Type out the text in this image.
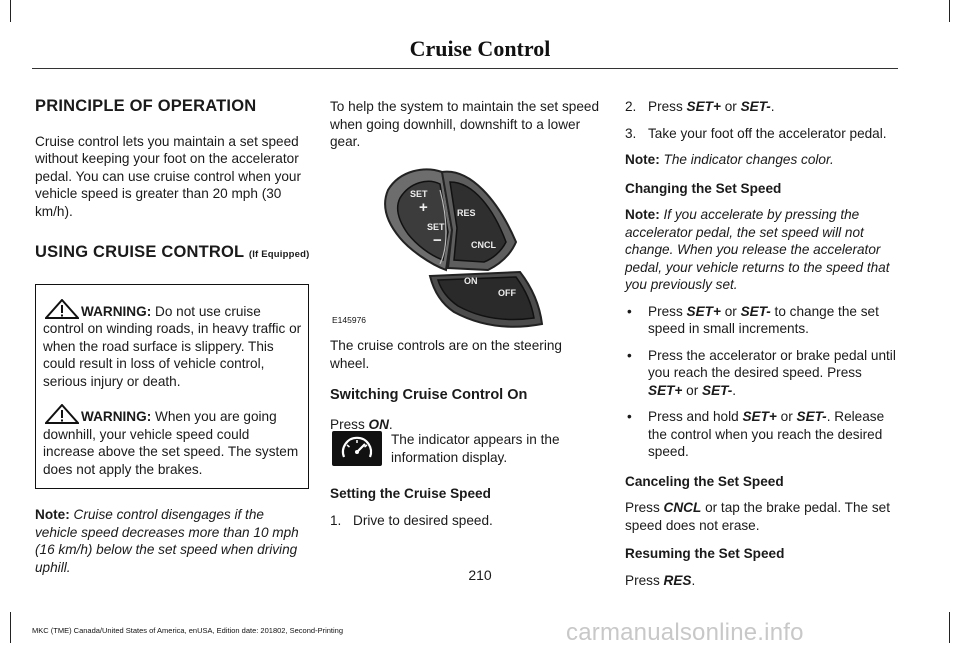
Cruise Control
PRINCIPLE OF OPERATION

Cruise control lets you maintain a set speed without keeping your foot on the accelerator pedal. You can use cruise control when your vehicle speed is greater than 20 mph (30 km/h).

USING CRUISE CONTROL (If Equipped)

WARNING: Do not use cruise control on winding roads, in heavy traffic or when the road surface is slippery. This could result in loss of vehicle control, serious injury or death.

WARNING: When you are going downhill, your vehicle speed could increase above the set speed. The system does not apply the brakes.

Note: Cruise control disengages if the vehicle speed decreases more than 10 mph (16 km/h) below the set speed when driving uphill.

To help the system to maintain the set speed when going downhill, downshift to a lower gear.

SET
+
SET
−
RES
CNCL
ON
OFF
E145976

The cruise controls are on the steering wheel.

Switching Cruise Control On

Press ON.

The indicator appears in the information display.

Setting the Cruise Speed
1. Drive to desired speed.
2. Press SET+ or SET-.
3. Take your foot off the accelerator pedal.

Note: The indicator changes color.

Changing the Set Speed

Note: If you accelerate by pressing the accelerator pedal, the set speed will not change. When you release the accelerator pedal, your vehicle returns to the speed that you previously set.

• Press SET+ or SET- to change the set speed in small increments.
• Press the accelerator or brake pedal until you reach the desired speed. Press SET+ or SET-.
• Press and hold SET+ or SET-. Release the control when you reach the desired speed.
Canceling the Set Speed

Press CNCL or tap the brake pedal. The set speed does not erase.

Resuming the Set Speed

Press RES.

210
MKC (TME) Canada/United States of America, enUSA, Edition date: 201802, Second-Printing	carmanualsonline.info
